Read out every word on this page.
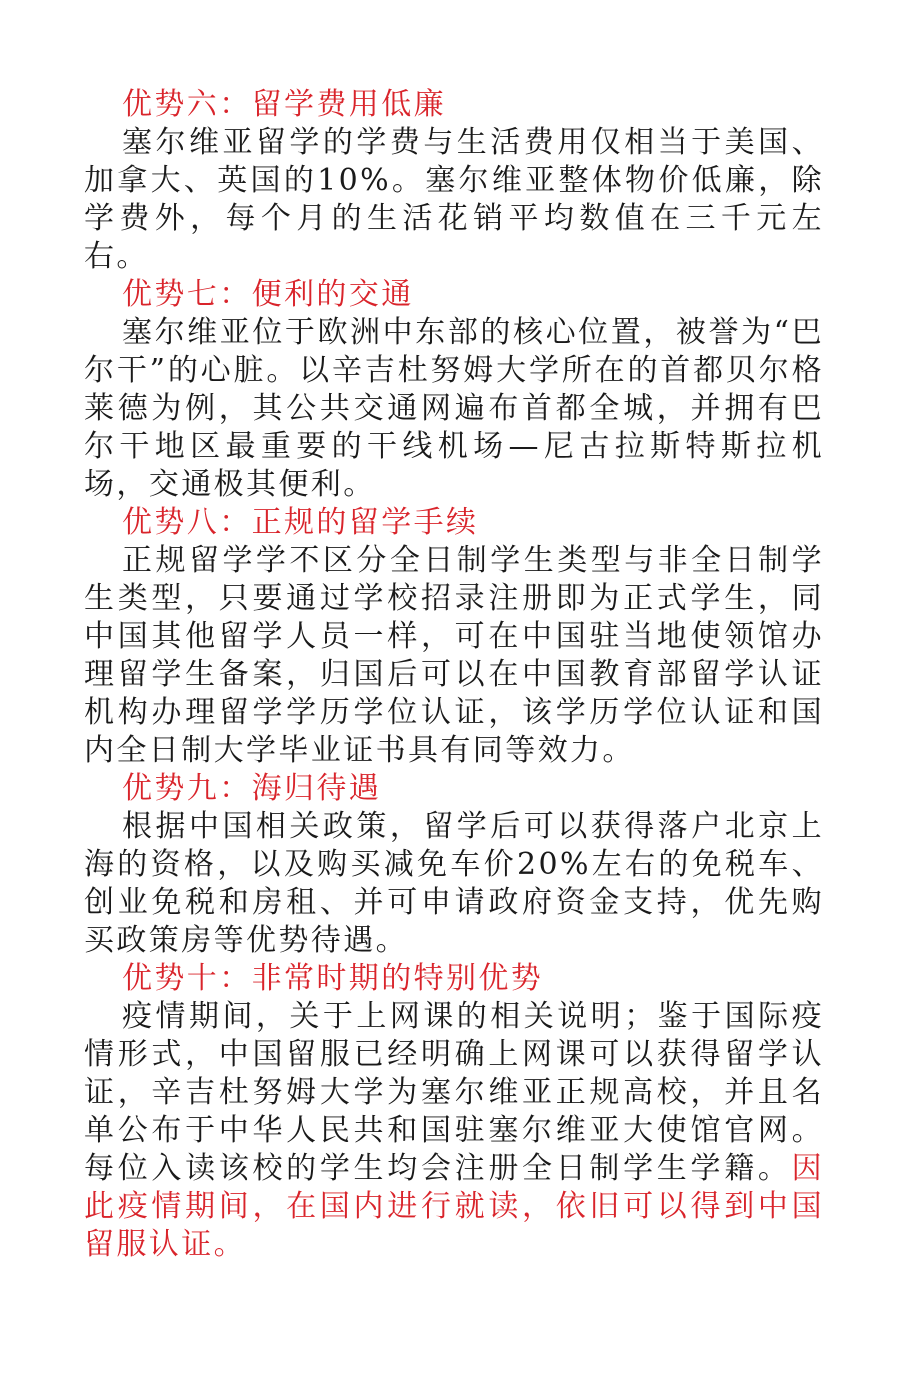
优势六：留学费用低廉

塞尔维亚留学的学费与生活费用仅相当于美国、加拿大、英国的10%。塞尔维亚整体物价低廉，除学费外，每个月的生活花销平均数值在三千元左右。

优势七：便利的交通

塞尔维亚位于欧洲中东部的核心位置，被誉为“巴尔干”的心脏。以辛吉杜努姆大学所在的首都贝尔格莱德为例，其公共交通网遍布首都全城，并拥有巴尔干地区最重要的干线机场—尼古拉斯特斯拉机场，交通极其便利。

优势八：正规的留学手续

正规留学学不区分全日制学生类型与非全日制学生类型，只要通过学校招录注册即为正式学生，同中国其他留学人员一样，可在中国驻当地使领馆办理留学生备案，归国后可以在中国教育部留学认证机构办理留学学历学位认证，该学历学位认证和国内全日制大学毕业证书具有同等效力。

优势九：海归待遇

根据中国相关政策，留学后可以获得落户北京上海的资格，以及购买减免车价20%左右的免税车、创业免税和房租、并可申请政府资金支持，优先购买政策房等优势待遇。

优势十：非常时期的特别优势

疫情期间，关于上网课的相关说明；鉴于国际疫情形式，中国留服已经明确上网课可以获得留学认证，辛吉杜努姆大学为塞尔维亚正规高校，并且名单公布于中华人民共和国驻塞尔维亚大使馆官网。每位入读该校的学生均会注册全日制学生学籍。因此疫情期间，在国内进行就读，依旧可以得到中国留服认证。
